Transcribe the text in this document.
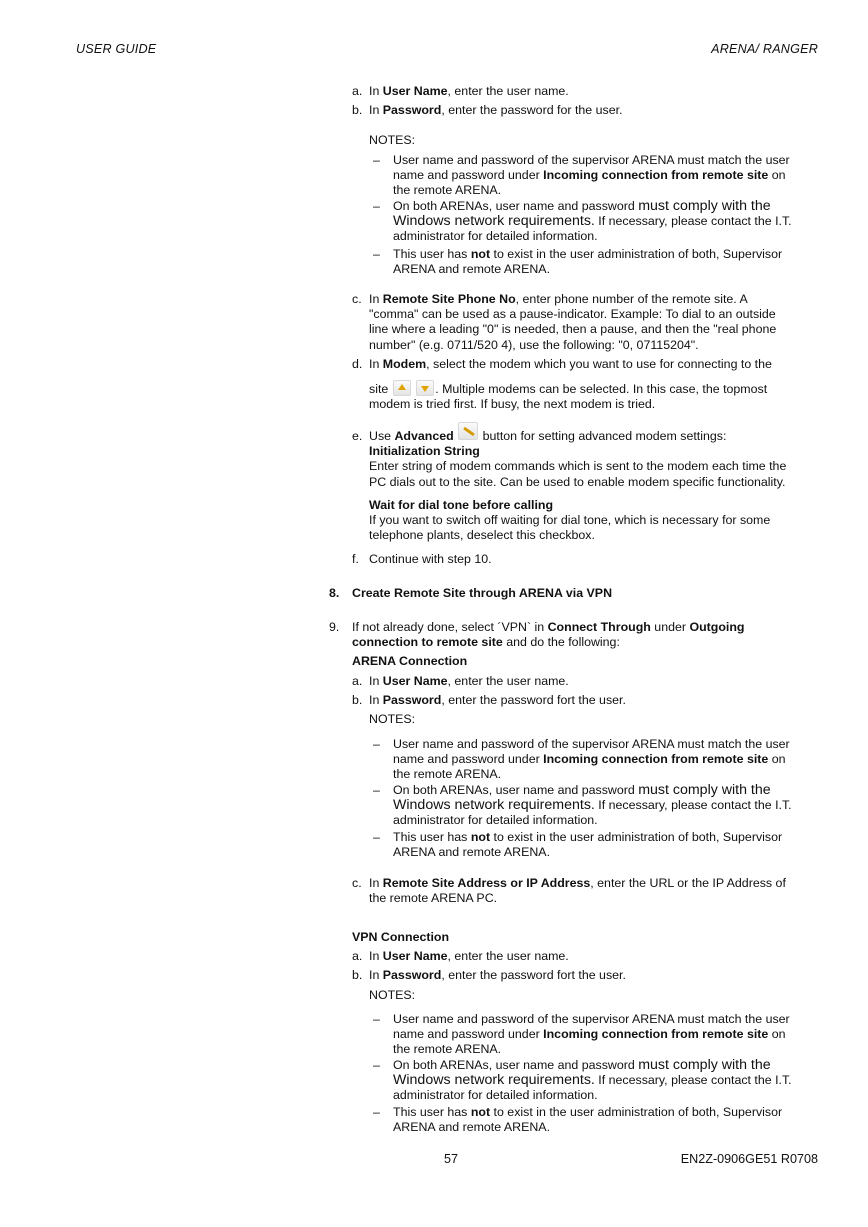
USER GUIDE	ARENA/ RANGER
a. In User Name, enter the user name.
b. In Password, enter the password for the user.
NOTES:
– User name and password of the supervisor ARENA must match the user
name and password under Incoming connection from remote site on
the remote ARENA.
– On both ARENAs, user name and password must comply with the
Windows network requirements. If necessary, please contact the I.T.
administrator for detailed information.
– This user has not to exist in the user administration of both, Supervisor
ARENA and remote ARENA.
c. In Remote Site Phone No, enter phone number of the remote site. A
"comma" can be used as a pause-indicator. Example: To dial to an outside
line where a leading "0" is needed, then a pause, and then the "real phone
number" (e.g. 0711/520 4), use the following: "0, 07115204".
d. In Modem, select the modem which you want to use for connecting to the
site	. Multiple modems can be selected. In this case, the topmost
modem is tried first. If busy, the next modem is tried.
e. Use Advanced  button for setting advanced modem settings:
Initialization String
Enter string of modem commands which is sent to the modem each time the
PC dials out to the site. Can be used to enable modem specific functionality.
Wait for dial tone before calling
If you want to switch off waiting for dial tone, which is necessary for some
telephone plants, deselect this checkbox.
f. Continue with step 10.
8. Create Remote Site through ARENA via VPN
9. If not already done, select ´VPN` in Connect Through under Outgoing
connection to remote site and do the following:
ARENA Connection
a. In User Name, enter the user name.
b. In Password, enter the password fort the user.
NOTES:
– User name and password of the supervisor ARENA must match the user
name and password under Incoming connection from remote site on
the remote ARENA.
– On both ARENAs, user name and password must comply with the
Windows network requirements. If necessary, please contact the I.T.
administrator for detailed information.
– This user has not to exist in the user administration of both, Supervisor
ARENA and remote ARENA.
c. In Remote Site Address or IP Address, enter the URL or the IP Address of
the remote ARENA PC.
VPN Connection
a. In User Name, enter the user name.
b. In Password, enter the password fort the user.
NOTES:
– User name and password of the supervisor ARENA must match the user
name and password under Incoming connection from remote site on
the remote ARENA.
– On both ARENAs, user name and password must comply with the
Windows network requirements. If necessary, please contact the I.T.
administrator for detailed information.
– This user has not to exist in the user administration of both, Supervisor
ARENA and remote ARENA.
57	EN2Z-0906GE51 R0708
